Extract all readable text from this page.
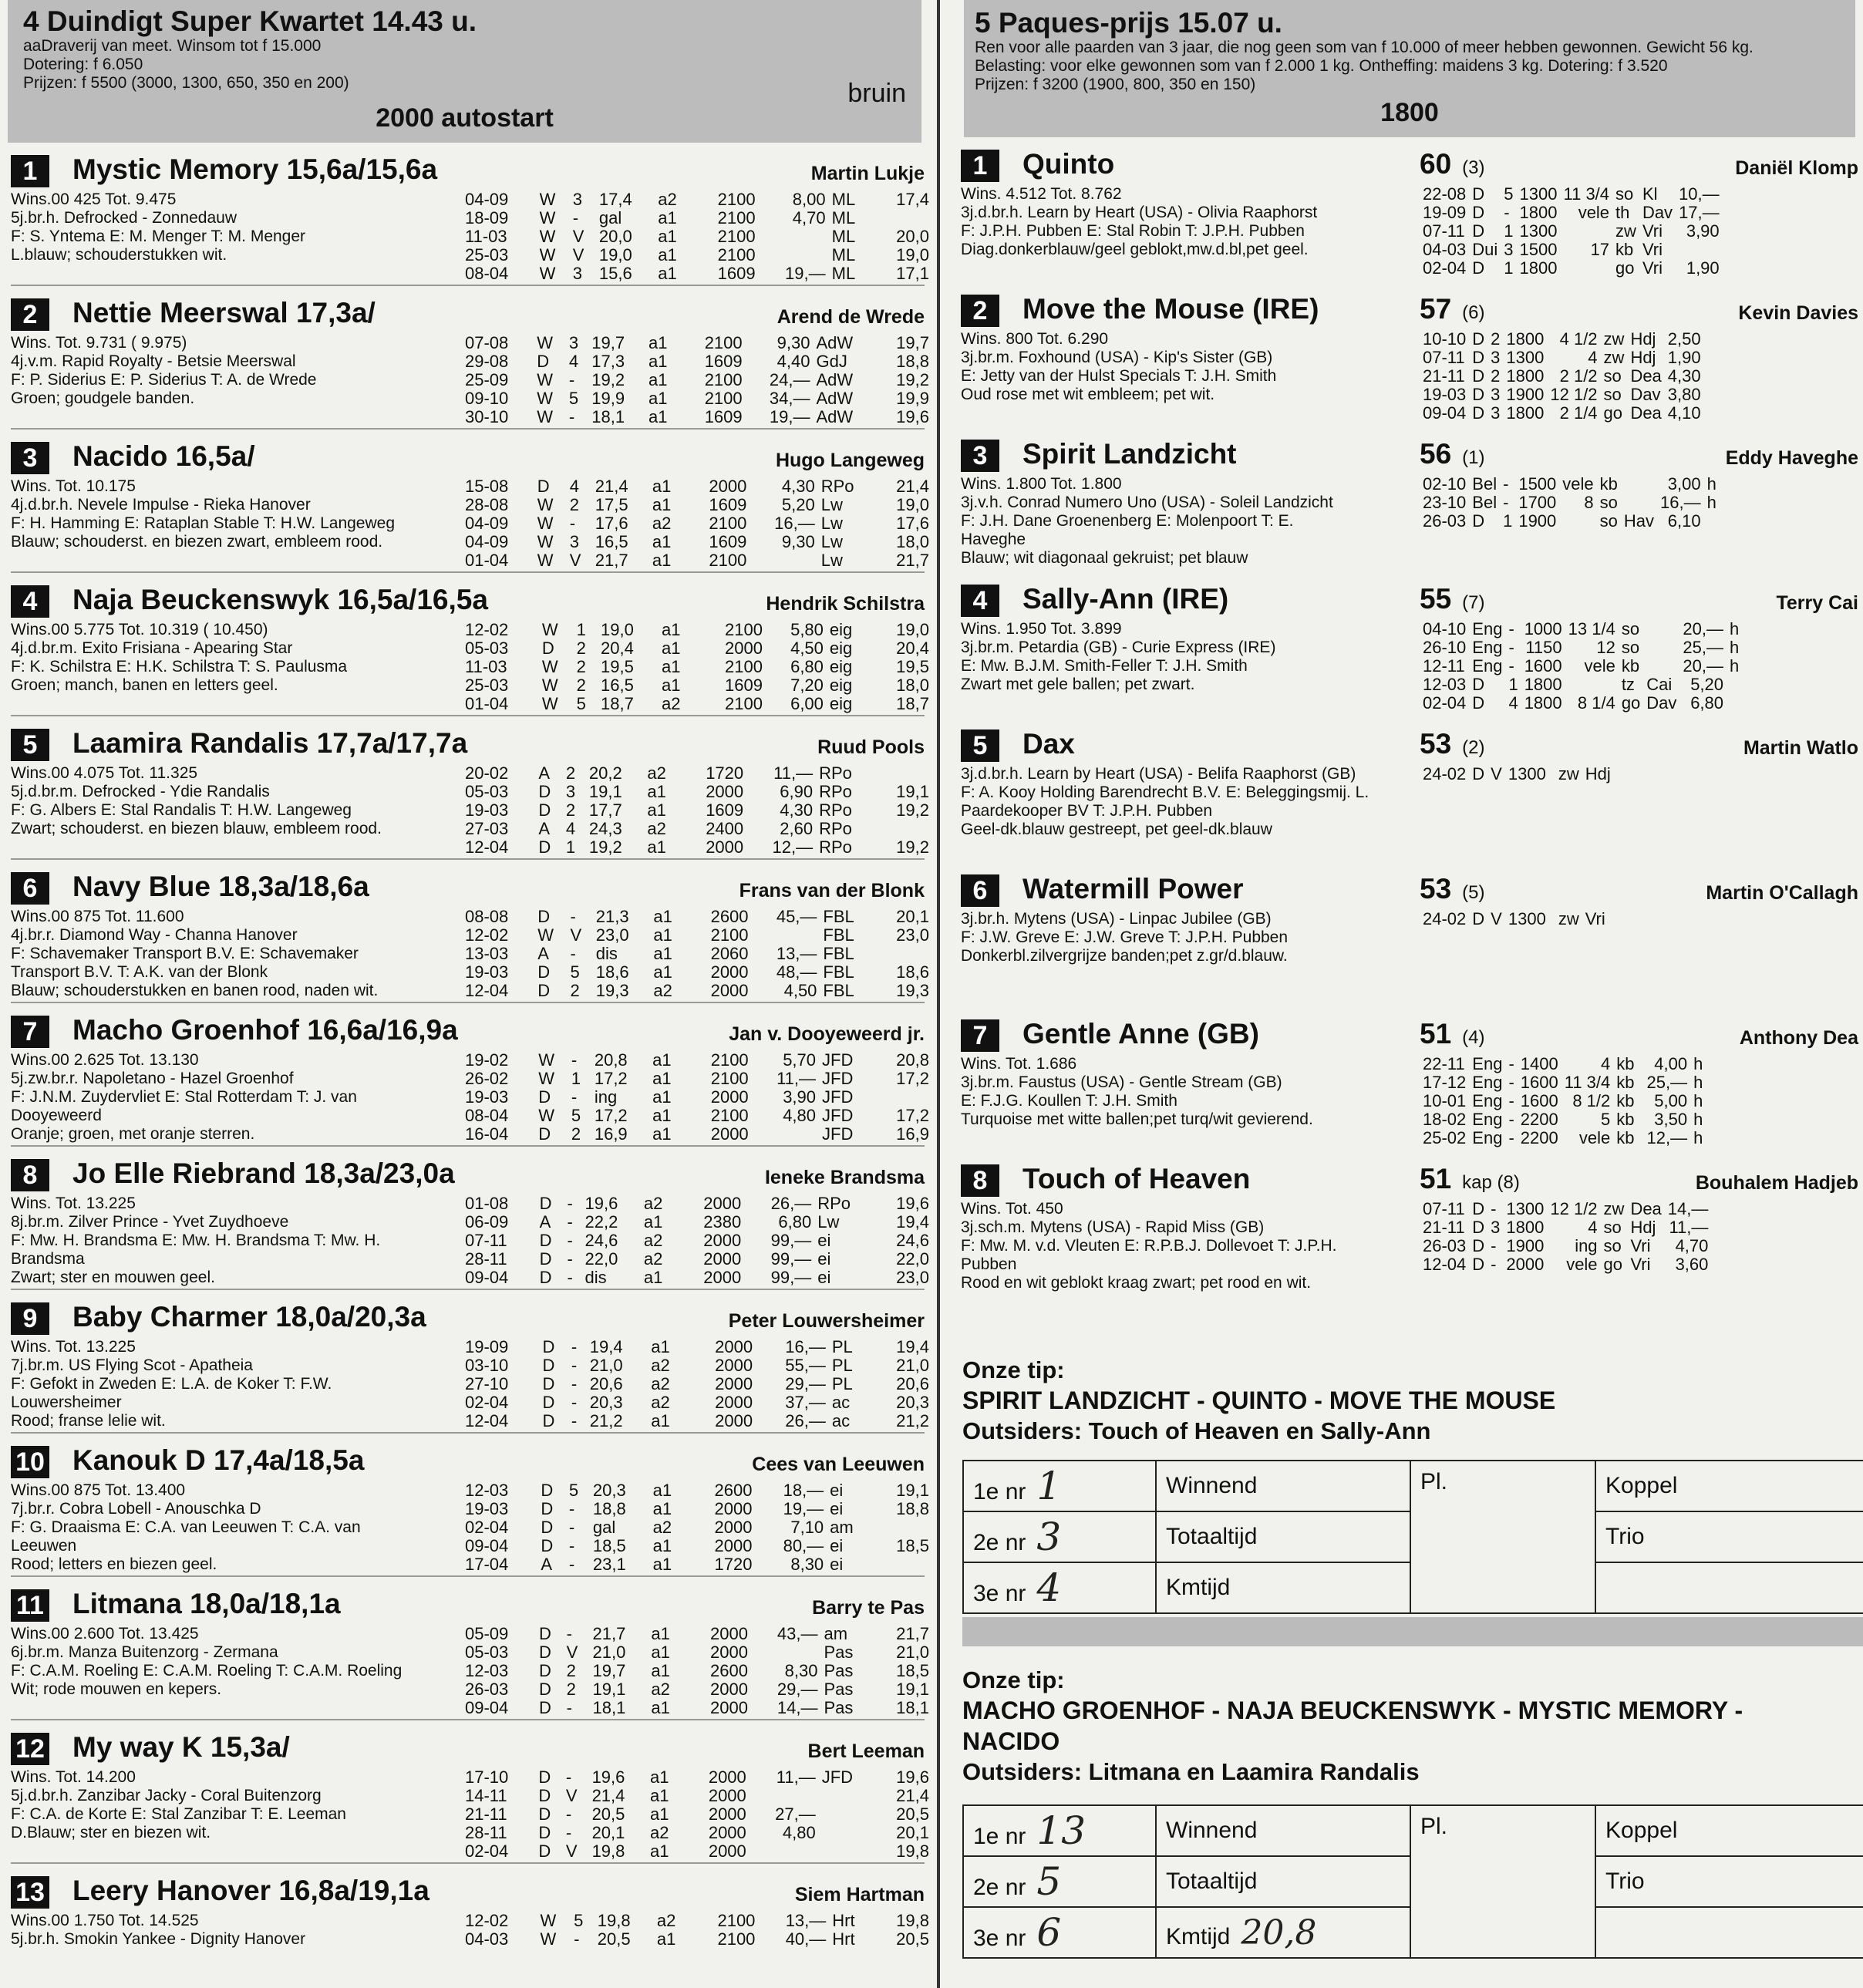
4 Duindigt Super Kwartet 14.43 u.
aaDraverij van meet. Winsom tot f 15.000
Dotering: f 6.050
Prijzen: f 5500 (3000, 1300, 650, 350 en 200)	bruin
2000 autostart
1	Mystic Memory 15,6a/15,6a	Martin Lukje
Wins.00 425 Tot. 9.475
5j.br.h. Defrocked - Zonnedauw
F: S. Yntema E: M. Menger T: M. Menger
L.blauw; schouderstukken wit.
04-09	W	3	17,4	a2	2100	8,00	ML	17,4
18-09	W	-	gal	a1	2100	4,70	ML	
11-03	W	V	20,0	a1	2100		ML	20,0
25-03	W	V	19,0	a1	2100		ML	19,0
08-04	W	3	15,6	a1	1609	19,—	ML	17,1
2	Nettie Meerswal 17,3a/	Arend de Wrede
Wins. Tot. 9.731 ( 9.975)
4j.v.m. Rapid Royalty - Betsie Meerswal
F: P. Siderius E: P. Siderius T: A. de Wrede
Groen; goudgele banden.
07-08	W	3	19,7	a1	2100	9,30	AdW	19,7
29-08	D	4	17,3	a1	1609	4,40	GdJ	18,8
25-09	W	-	19,2	a1	2100	24,—	AdW	19,2
09-10	W	5	19,9	a1	2100	34,—	AdW	19,9
30-10	W	-	18,1	a1	1609	19,—	AdW	19,6
3	Nacido 16,5a/	Hugo Langeweg
Wins. Tot. 10.175
4j.d.br.h. Nevele Impulse - Rieka Hanover
F: H. Hamming E: Rataplan Stable T: H.W. Langeweg
Blauw; schouderst. en biezen zwart, embleem rood.
15-08	D	4	21,4	a1	2000	4,30	RPo	21,4
28-08	W	2	17,5	a1	1609	5,20	Lw	19,0
04-09	W	-	17,6	a2	2100	16,—	Lw	17,6
04-09	W	3	16,5	a1	1609	9,30	Lw	18,0
01-04	W	V	21,7	a1	2100		Lw	21,7
4	Naja Beuckenswyk 16,5a/16,5a	Hendrik Schilstra
Wins.00 5.775 Tot. 10.319 ( 10.450)
4j.d.br.m. Exito Frisiana - Apearing Star
F: K. Schilstra E: H.K. Schilstra T: S. Paulusma
Groen; manch, banen en letters geel.
12-02	W	1	19,0	a1	2100	5,80	eig	19,0
05-03	D	2	20,4	a1	2000	4,50	eig	20,4
11-03	W	2	19,5	a1	2100	6,80	eig	19,5
25-03	W	2	16,5	a1	1609	7,20	eig	18,0
01-04	W	5	18,7	a2	2100	6,00	eig	18,7
5	Laamira Randalis 17,7a/17,7a	Ruud Pools
Wins.00 4.075 Tot. 11.325
5j.d.br.m. Defrocked - Ydie Randalis
F: G. Albers E: Stal Randalis T: H.W. Langeweg
Zwart; schouderst. en biezen blauw, embleem rood.
20-02	A	2	20,2	a2	1720	11,—	RPo	
05-03	D	3	19,1	a1	2000	6,90	RPo	19,1
19-03	D	2	17,7	a1	1609	4,30	RPo	19,2
27-03	A	4	24,3	a2	2400	2,60	RPo	
12-04	D	1	19,2	a1	2000	12,—	RPo	19,2
6	Navy Blue 18,3a/18,6a	Frans van der Blonk
Wins.00 875 Tot. 11.600
4j.br.r. Diamond Way - Channa Hanover
F: Schavemaker Transport B.V. E: Schavemaker
Transport B.V. T: A.K. van der Blonk
Blauw; schouderstukken en banen rood, naden wit.
08-08	D	-	21,3	a1	2600	45,—	FBL	20,1
12-02	W	V	23,0	a1	2100		FBL	23,0
13-03	A	-	dis	a1	2060	13,—	FBL	
19-03	D	5	18,6	a1	2000	48,—	FBL	18,6
12-04	D	2	19,3	a2	2000	4,50	FBL	19,3
7	Macho Groenhof 16,6a/16,9a	Jan v. Dooyeweerd jr.
Wins.00 2.625 Tot. 13.130
5j.zw.br.r. Napoletano - Hazel Groenhof
F: J.N.M. Zuydervliet E: Stal Rotterdam T: J. van
Dooyeweerd
Oranje; groen, met oranje sterren.
19-02	W	-	20,8	a1	2100	5,70	JFD	20,8
26-02	W	1	17,2	a1	2100	11,—	JFD	17,2
19-03	D	-	ing	a1	2000	3,90	JFD	
08-04	W	5	17,2	a1	2100	4,80	JFD	17,2
16-04	D	2	16,9	a1	2000		JFD	16,9
8	Jo Elle Riebrand 18,3a/23,0a	Ieneke Brandsma
Wins. Tot. 13.225
8j.br.m. Zilver Prince - Yvet Zuydhoeve
F: Mw. H. Brandsma E: Mw. H. Brandsma T: Mw. H.
Brandsma
Zwart; ster en mouwen geel.
01-08	D	-	19,6	a2	2000	26,—	RPo	19,6
06-09	A	-	22,2	a1	2380	6,80	Lw	19,4
07-11	D	-	24,6	a2	2000	99,—	ei	24,6
28-11	D	-	22,0	a2	2000	99,—	ei	22,0
09-04	D	-	dis	a1	2000	99,—	ei	23,0
9	Baby Charmer 18,0a/20,3a	Peter Louwersheimer
Wins. Tot. 13.225
7j.br.m. US Flying Scot - Apatheia
F: Gefokt in Zweden E: L.A. de Koker T: F.W.
Louwersheimer
Rood; franse lelie wit.
19-09	D	-	19,4	a1	2000	16,—	PL	19,4
03-10	D	-	21,0	a2	2000	55,—	PL	21,0
27-10	D	-	20,6	a2	2000	29,—	PL	20,6
02-04	D	-	20,3	a2	2000	37,—	ac	20,3
12-04	D	-	21,2	a1	2000	26,—	ac	21,2
10 Kanouk D 17,4a/18,5a	Cees van Leeuwen
Wins.00 875 Tot. 13.400
7j.br.r. Cobra Lobell - Anouschka D
F: G. Draaisma E: C.A. van Leeuwen T: C.A. van
Leeuwen
Rood; letters en biezen geel.
12-03	D	5	20,3	a1	2600	18,—	ei	19,1
19-03	D	-	18,8	a1	2000	19,—	ei	18,8
02-04	D	-	gal	a2	2000	7,10	am	
09-04	D	-	18,5	a1	2000	80,—	ei	18,5
17-04	A	-	23,1	a1	1720	8,30	ei	
11 Litmana 18,0a/18,1a	Barry te Pas
Wins.00 2.600 Tot. 13.425
6j.br.m. Manza Buitenzorg - Zermana
F: C.A.M. Roeling E: C.A.M. Roeling T: C.A.M. Roeling
Wit; rode mouwen en kepers.
05-09	D	-	21,7	a1	2000	43,—	am	21,7
05-03	D	V	21,0	a1	2000		Pas	21,0
12-03	D	2	19,7	a1	2600	8,30	Pas	18,5
26-03	D	2	19,1	a2	2000	29,—	Pas	19,1
09-04	D	-	18,1	a1	2000	14,—	Pas	18,1
12 My way K 15,3a/	Bert Leeman
Wins. Tot. 14.200
5j.d.br.h. Zanzibar Jacky - Coral Buitenzorg
F: C.A. de Korte E: Stal Zanzibar T: E. Leeman
D.Blauw; ster en biezen wit.
17-10	D	-	19,6	a1	2000	11,—	JFD	19,6
14-11	D	V	21,4	a1	2000			21,4
21-11	D	-	20,5	a1	2000	27,—		20,5
28-11	D	-	20,1	a2	2000	4,80		20,1
02-04	D	V	19,8	a1	2000			19,8
13 Leery Hanover 16,8a/19,1a	Siem Hartman
Wins.00 1.750 Tot. 14.525
5j.br.h. Smokin Yankee - Dignity Hanover
12-02	W	5	19,8	a2	2100	13,—	Hrt	19,8
04-03	W	-	20,5	a1	2100	40,—	Hrt	20,5
5 Paques-prijs 15.07 u.
Ren voor alle paarden van 3 jaar, die nog geen som van f 10.000 of meer hebben gewonnen. Gewicht 56 kg.
Belasting: voor elke gewonnen som van f 2.000 1 kg. Ontheffing: maidens 3 kg. Dotering: f 3.520
Prijzen: f 3200 (1900, 800, 350 en 150)
1800
1	Quinto	60 (3)	Daniël Klomp
Wins. 4.512 Tot. 8.762
3j.d.br.h. Learn by Heart (USA) - Olivia Raaphorst
F: J.P.H. Pubben E: Stal Robin T: J.P.H. Pubben
Diag.donkerblauw/geel geblokt,mw.d.bl,pet geel.
22-08	D	5	1300	11 3/4	so	Kl	10,—	
19-09	D	-	1800	vele	th	Dav	17,—	
07-11	D	1	1300		zw	Vri	3,90	
04-03	Dui	3	1500	17	kb	Vri		
02-04	D	1	1800		go	Vri	1,90	
2	Move the Mouse (IRE)	57 (6)	Kevin Davies
Wins. 800 Tot. 6.290
3j.br.m. Foxhound (USA) - Kip's Sister (GB)
E: Jetty van der Hulst Specials T: J.H. Smith
Oud rose met wit embleem; pet wit.
10-10	D	2	1800	4 1/2	zw	Hdj	2,50	
07-11	D	3	1300	4	zw	Hdj	1,90	
21-11	D	2	1800	2 1/2	so	Dea	4,30	
19-03	D	3	1900	12 1/2	so	Dav	3,80	
09-04	D	3	1800	2 1/4	go	Dea	4,10	
3	Spirit Landzicht	56 (1)	Eddy Haveghe
Wins. 1.800 Tot. 1.800
3j.v.h. Conrad Numero Uno (USA) - Soleil Landzicht
F: J.H. Dane Groenenberg E: Molenpoort T: E.
Haveghe
Blauw; wit diagonaal gekruist; pet blauw
02-10	Bel	-	1500	vele	kb		3,00	h
23-10	Bel	-	1700	8	so		16,—	h
26-03	D	1	1900		so	Hav	6,10	
4	Sally-Ann (IRE)	55 (7)	Terry Cai
Wins. 1.950 Tot. 3.899
3j.br.m. Petardia (GB) - Curie Express (IRE)
E: Mw. B.J.M. Smith-Feller T: J.H. Smith
Zwart met gele ballen; pet zwart.
04-10	Eng	-	1000	13 1/4	so		20,—	h
26-10	Eng	-	1150	12	so		25,—	h
12-11	Eng	-	1600	vele	kb		20,—	h
12-03	D	1	1800		tz	Cai	5,20	
02-04	D	4	1800	8 1/4	go	Dav	6,80	
5	Dax	53 (2)	Martin Watlo
3j.d.br.h. Learn by Heart (USA) - Belifa Raaphorst (GB)
F: A. Kooy Holding Barendrecht B.V. E: Beleggingsmij. L.
Paardekooper BV T: J.P.H. Pubben
Geel-dk.blauw gestreept, pet geel-dk.blauw
24-02	D	V	1300		zw	Hdj		
6	Watermill Power	53 (5)	Martin O'Callagh
3j.br.h. Mytens (USA) - Linpac Jubilee (GB)
F: J.W. Greve E: J.W. Greve T: J.P.H. Pubben
Donkerbl.zilvergrijze banden;pet z.gr/d.blauw.
24-02	D	V	1300		zw	Vri		
7	Gentle Anne (GB)	51 (4)	Anthony Dea
Wins. Tot. 1.686
3j.br.m. Faustus (USA) - Gentle Stream (GB)
E: F.J.G. Koullen T: J.H. Smith
Turquoise met witte ballen;pet turq/wit gevierend.
22-11	Eng	-	1400	4	kb		4,00	h
17-12	Eng	-	1600	11 3/4	kb		25,—	h
10-01	Eng	-	1600	8 1/2	kb		5,00	h
18-02	Eng	-	2200	5	kb		3,50	h
25-02	Eng	-	2200	vele	kb		12,—	h
8	Touch of Heaven	51 kap (8)	Bouhalem Hadjeb
Wins. Tot. 450
3j.sch.m. Mytens (USA) - Rapid Miss (GB)
F: Mw. M. v.d. Vleuten E: R.P.B.J. Dollevoet T: J.P.H.
Pubben
Rood en wit geblokt kraag zwart; pet rood en wit.
07-11	D	-	1300	12 1/2	zw	Dea	14,—	
21-11	D	3	1800	4	so	Hdj	11,—	
26-03	D	-	1900	ing	so	Vri	4,70	
12-04	D	-	2000	vele	go	Vri	3,60	
Onze tip:
SPIRIT LANDZICHT - QUINTO - MOVE THE MOUSE
Outsiders: Touch of Heaven en Sally-Ann
1e nr 1	Winnend	Pl.	Koppel
2e nr 3	Totaaltijd		Trio
3e nr 4	Kmtijd		
Onze tip:
MACHO GROENHOF - NAJA BEUCKENSWYK - MYSTIC MEMORY -
NACIDO
Outsiders: Litmana en Laamira Randalis
1e nr 13	Winnend	Pl.	Koppel
2e nr 5	Totaaltijd		Trio
3e nr 6	Kmtijd 20,8		
